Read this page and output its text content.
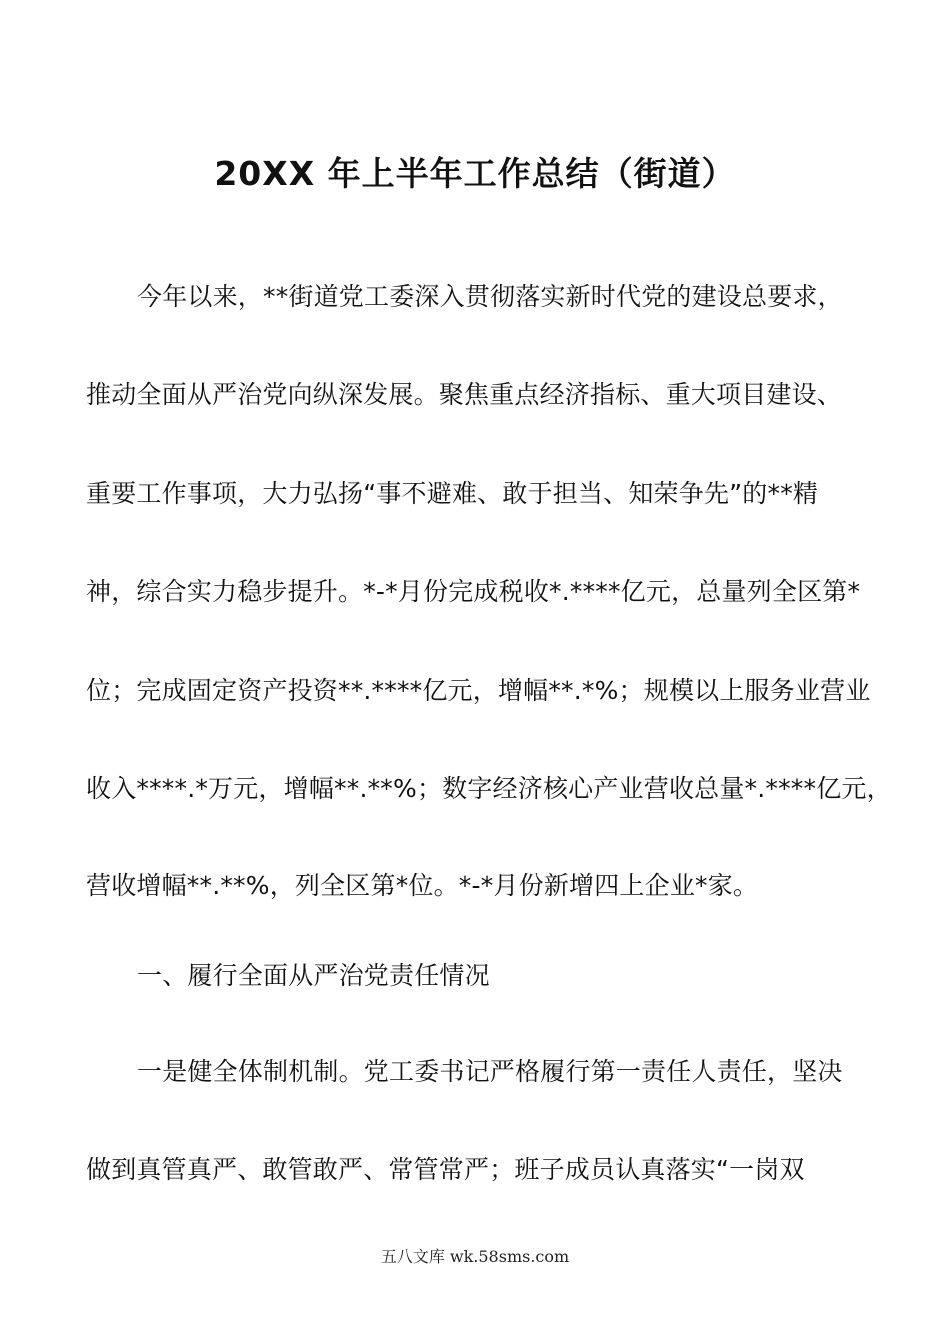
20XX 年上半年工作总结（街道）

今年以来，**街道党工委深入贯彻落实新时代党的建设总要求，

推动全面从严治党向纵深发展。聚焦重点经济指标、重大项目建设、

重要工作事项，大力弘扬“事不避难、敢于担当、知荣争先”的**精

神，综合实力稳步提升。*-*月份完成税收*.****亿元，总量列全区第*

位；完成固定资产投资**.****亿元，增幅**.*%；规模以上服务业营业

收入****.*万元，增幅**.**%；数字经济核心产业营收总量*.****亿元，

营收增幅**.**%，列全区第*位。*-*月份新增四上企业*家。

一、履行全面从严治党责任情况

一是健全体制机制。党工委书记严格履行第一责任人责任，坚决

做到真管真严、敢管敢严、常管常严；班子成员认真落实“一岗双

五八文库 wk.58sms.com
